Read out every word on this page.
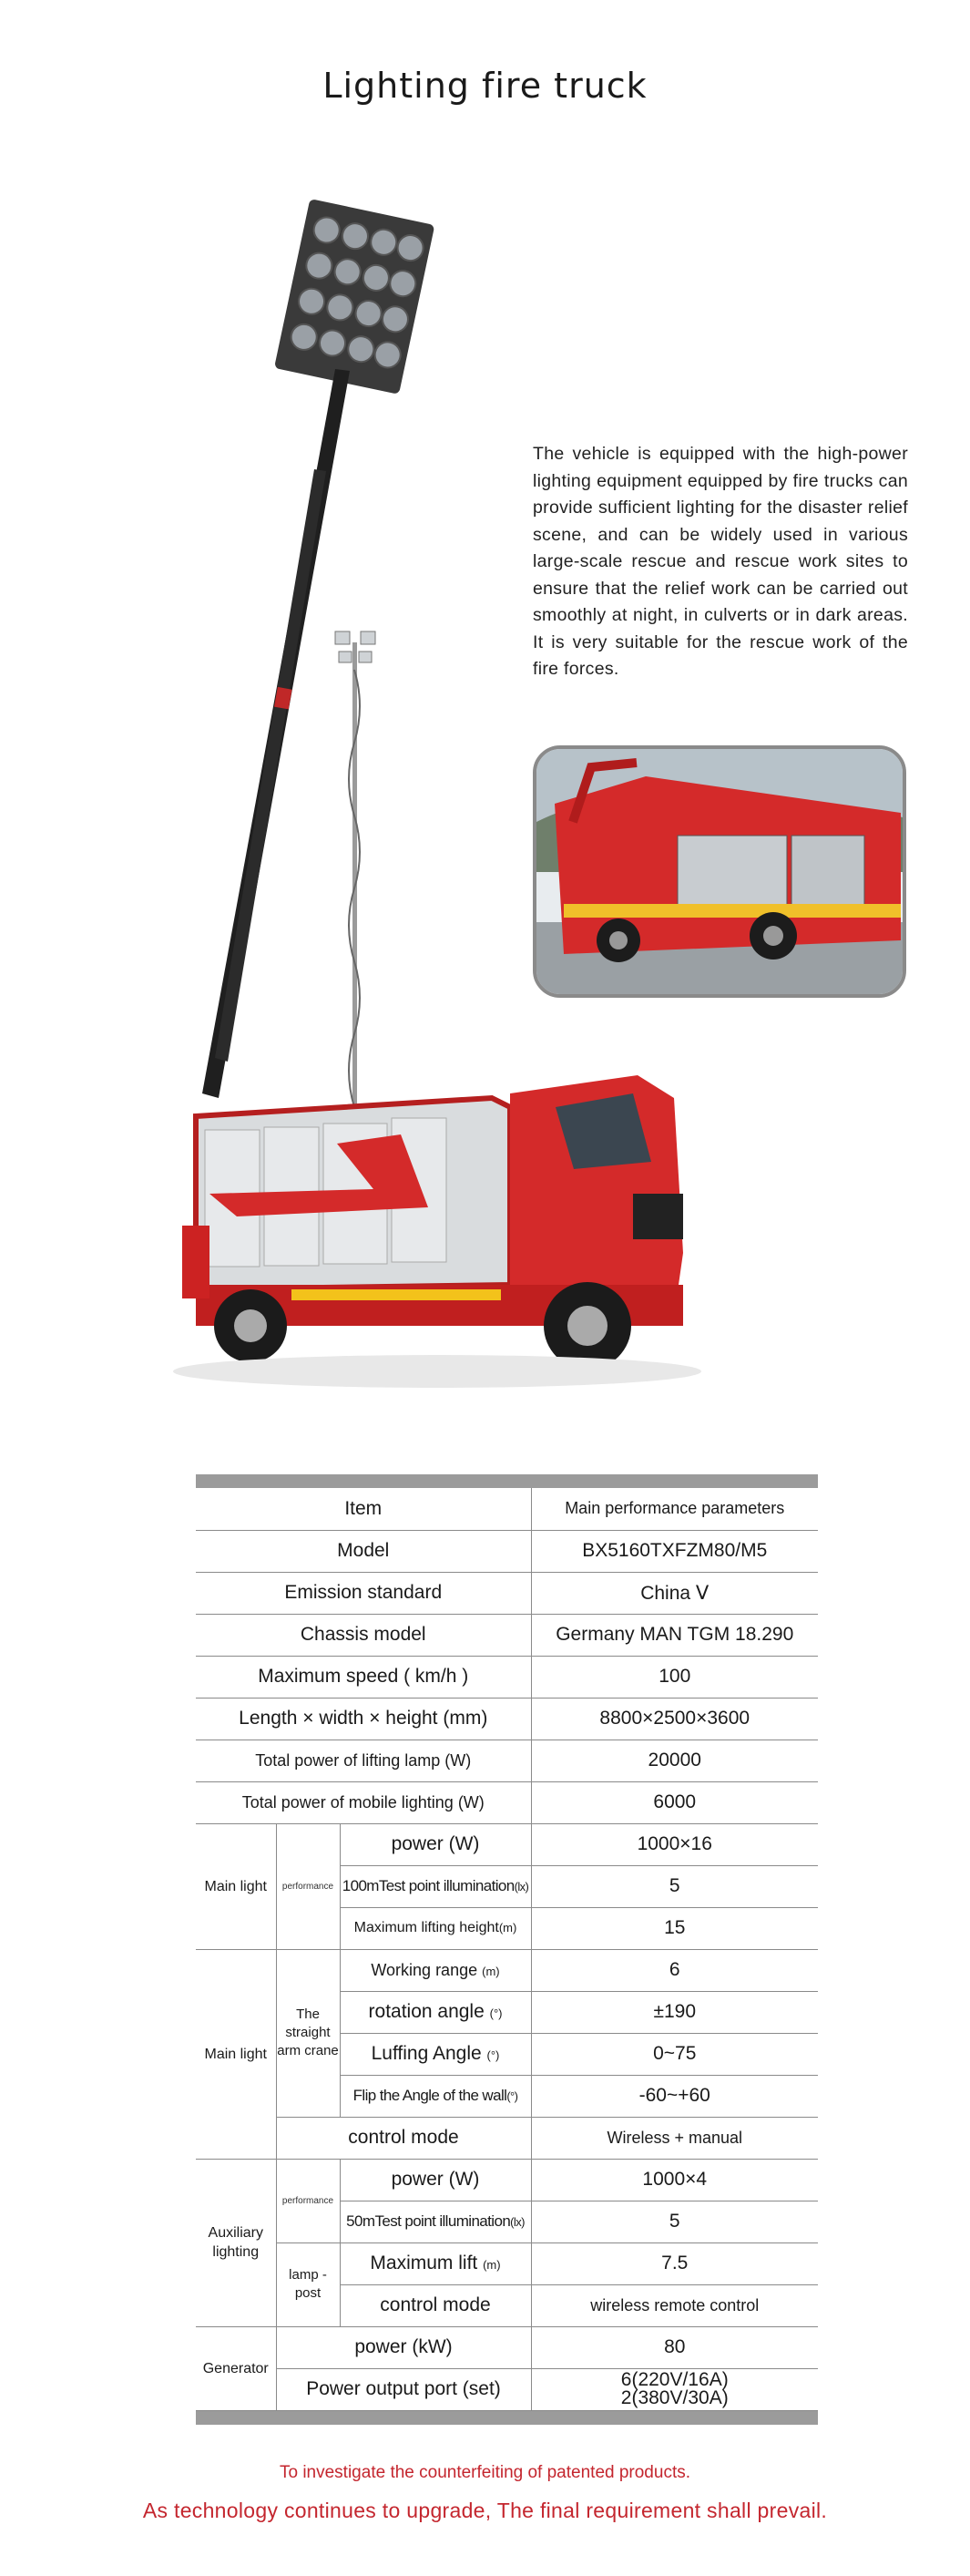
Lighting fire truck
The vehicle is equipped with the high-power lighting equipment equipped by fire trucks can provide sufficient lighting for the disaster relief scene, and can be widely used in various large-scale rescue and rescue work sites to ensure that the relief work can be carried out smoothly at night, in culverts or in dark areas. It is very suitable for the rescue work of the fire forces.
Item			Main performance parameters
Model			BX5160TXFZM80/M5
Emission standard			China Ⅴ
Chassis model			Germany MAN TGM 18.290
Maximum speed ( km/h )			100
Length × width × height (mm)			8800×2500×3600
Total power of lifting lamp (W)			20000
Total power of mobile lighting (W)			6000
Main light	performance	power (W)	1000×16
		100mTest point illumination(lx)	5
		Maximum lifting height(m)	15
Main light	The straight arm crane	Working range (m)	6
		rotation angle (°)	±190
		Luffing Angle (°)	0~75
		Flip the Angle of the wall(°)	-60~+60
	control mode		Wireless + manual
Auxiliary lighting	performance	power (W)	1000×4
		50mTest point illumination(lx)	5
	lamp - post	Maximum lift (m)	7.5
		control mode	wireless remote control
Generator	power (kW)		80
	Power output port (set)		6(220V/16A)
2(380V/30A)
To investigate the counterfeiting of patented products.
As technology continues to upgrade, The final requirement shall prevail.
